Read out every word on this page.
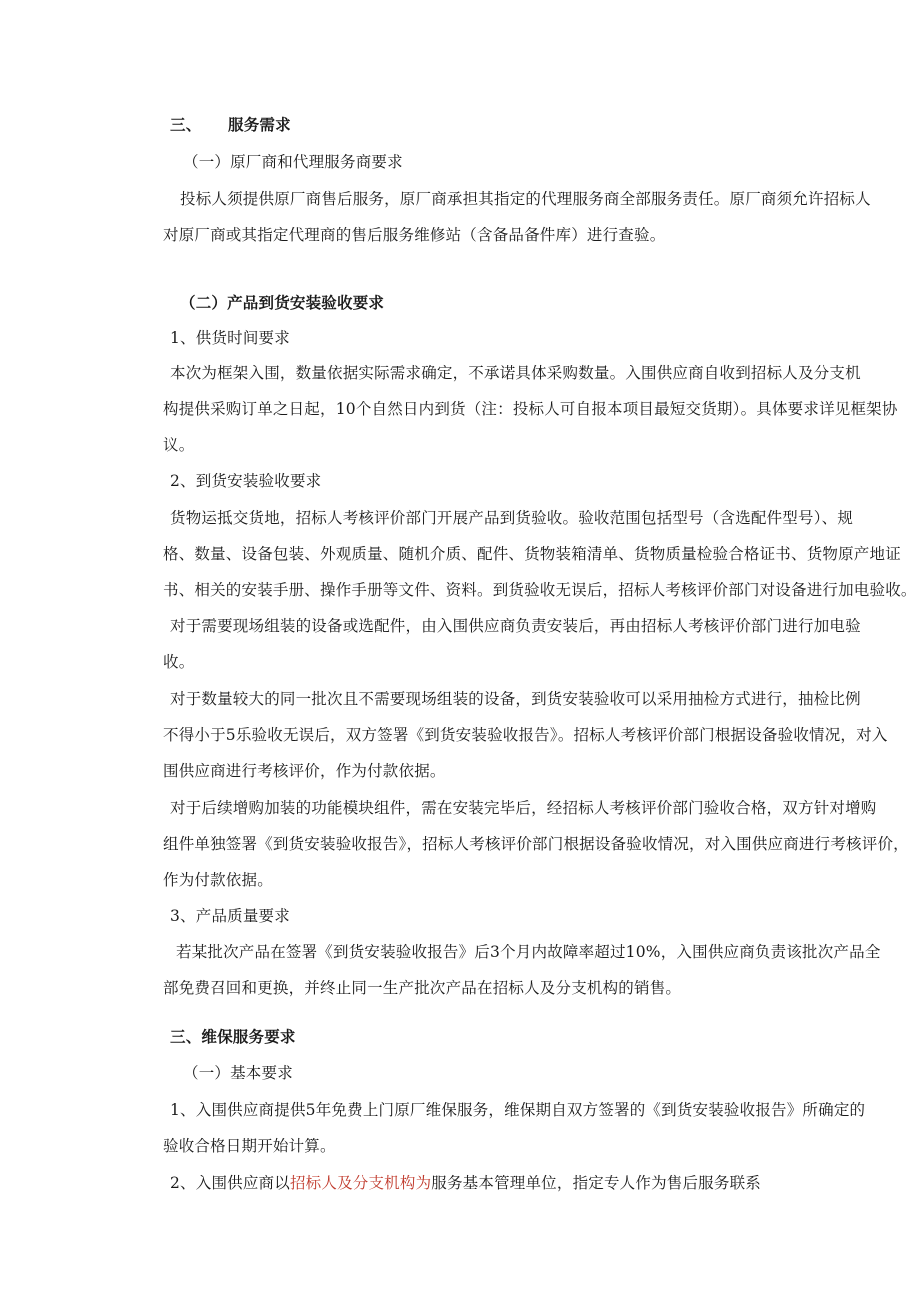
三、 服务需求
（一）原厂商和代理服务商要求
投标人须提供原厂商售后服务，原厂商承担其指定的代理服务商全部服务责任。原厂商须允许招标人
对原厂商或其指定代理商的售后服务维修站（含备品备件库）进行查验。
（二）产品到货安装验收要求
1、供货时间要求
本次为框架入围，数量依据实际需求确定，不承诺具体采购数量。入围供应商自收到招标人及分支机
构提供采购订单之日起，10个自然日内到货（注：投标人可自报本项目最短交货期）。具体要求详见框架协
议。
2、到货安装验收要求
货物运抵交货地，招标人考核评价部门开展产品到货验收。验收范围包括型号（含选配件型号）、规
格、数量、设备包装、外观质量、随机介质、配件、货物装箱清单、货物质量检验合格证书、货物原产地证
书、相关的安装手册、操作手册等文件、资料。到货验收无误后，招标人考核评价部门对设备进行加电验收。
对于需要现场组装的设备或选配件，由入围供应商负责安装后，再由招标人考核评价部门进行加电验
收。
对于数量较大的同一批次且不需要现场组装的设备，到货安装验收可以采用抽检方式进行，抽检比例
不得小于5乐验收无误后，双方签署《到货安装验收报告》。招标人考核评价部门根据设备验收情况，对入
围供应商进行考核评价，作为付款依据。
对于后续增购加装的功能模块组件，需在安装完毕后，经招标人考核评价部门验收合格，双方针对增购
组件单独签署《到货安装验收报告》，招标人考核评价部门根据设备验收情况，对入围供应商进行考核评价，
作为付款依据。
3、产品质量要求
若某批次产品在签署《到货安装验收报告》后3个月内故障率超过10%，入围供应商负责该批次产品全
部免费召回和更换，并终止同一生产批次产品在招标人及分支机构的销售。
三、维保服务要求
（一）基本要求
1、入围供应商提供5年免费上门原厂维保服务，维保期自双方签署的《到货安装验收报告》所确定的
验收合格日期开始计算。
2、入围供应商以招标人及分支机构为服务基本管理单位，指定专人作为售后服务联系
